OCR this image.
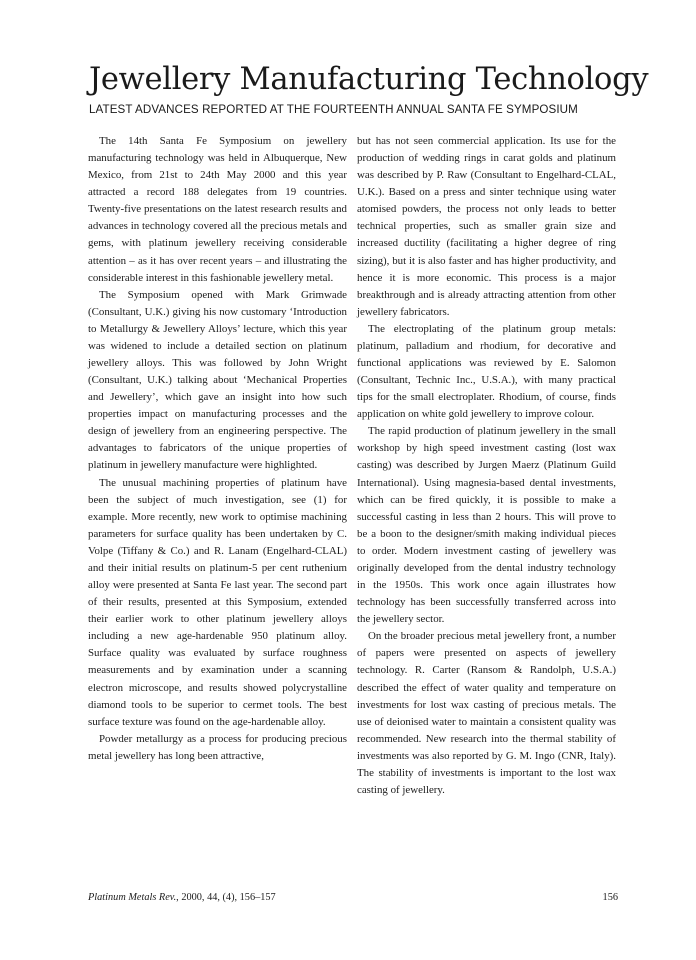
Jewellery Manufacturing Technology
LATEST ADVANCES REPORTED AT THE FOURTEENTH ANNUAL SANTA FE SYMPOSIUM

The 14th Santa Fe Symposium on jewellery manufacturing technology was held in Albuquerque, New Mexico, from 21st to 24th May 2000 and this year attracted a record 188 delegates from 19 countries. Twenty-five presentations on the latest research results and advances in technology covered all the precious metals and gems, with platinum jewellery receiving considerable attention – as it has over recent years – and illustrating the considerable interest in this fashionable jewellery metal.

The Symposium opened with Mark Grimwade (Consultant, U.K.) giving his now customary ‘Introduction to Metallurgy & Jewellery Alloys’ lecture, which this year was widened to include a detailed section on platinum jewellery alloys. This was followed by John Wright (Consultant, U.K.) talking about ‘Mechanical Properties and Jewellery’, which gave an insight into how such properties impact on manufacturing processes and the design of jewellery from an engineering perspective. The advantages to fabricators of the unique properties of platinum in jewellery manufacture were highlighted.

The unusual machining properties of platinum have been the subject of much investigation, see (1) for example. More recently, new work to optimise machining parameters for surface quality has been undertaken by C. Volpe (Tiffany & Co.) and R. Lanam (Engelhard-CLAL) and their initial results on platinum-5 per cent ruthenium alloy were presented at Santa Fe last year. The second part of their results, presented at this Symposium, extended their earlier work to other platinum jewellery alloys including a new age-hardenable 950 platinum alloy. Surface quality was evaluated by surface roughness measurements and by examination under a scanning electron microscope, and results showed polycrystalline diamond tools to be superior to cermet tools. The best surface texture was found on the age-hardenable alloy.

Powder metallurgy as a process for producing precious metal jewellery has long been attractive,

but has not seen commercial application. Its use for the production of wedding rings in carat golds and platinum was described by P. Raw (Consultant to Engelhard-CLAL, U.K.). Based on a press and sinter technique using water atomised powders, the process not only leads to better technical properties, such as smaller grain size and increased ductility (facilitating a higher degree of ring sizing), but it is also faster and has higher productivity, and hence it is more economic. This process is a major breakthrough and is already attracting attention from other jewellery fabricators.

The electroplating of the platinum group metals: platinum, palladium and rhodium, for decorative and functional applications was reviewed by E. Salomon (Consultant, Technic Inc., U.S.A.), with many practical tips for the small electroplater. Rhodium, of course, finds application on white gold jewellery to improve colour.

The rapid production of platinum jewellery in the small workshop by high speed investment casting (lost wax casting) was described by Jurgen Maerz (Platinum Guild International). Using magnesia-based dental investments, which can be fired quickly, it is possible to make a successful casting in less than 2 hours. This will prove to be a boon to the designer/smith making individual pieces to order. Modern investment casting of jewellery was originally developed from the dental industry technology in the 1950s. This work once again illustrates how technology has been successfully transferred across into the jewellery sector.

On the broader precious metal jewellery front, a number of papers were presented on aspects of jewellery technology. R. Carter (Ransom & Randolph, U.S.A.) described the effect of water quality and temperature on investments for lost wax casting of precious metals. The use of deionised water to maintain a consistent quality was recommended. New research into the thermal stability of investments was also reported by G. M. Ingo (CNR, Italy). The stability of investments is important to the lost wax casting of jewellery.

Platinum Metals Rev., 2000, 44, (4), 156–157	156
